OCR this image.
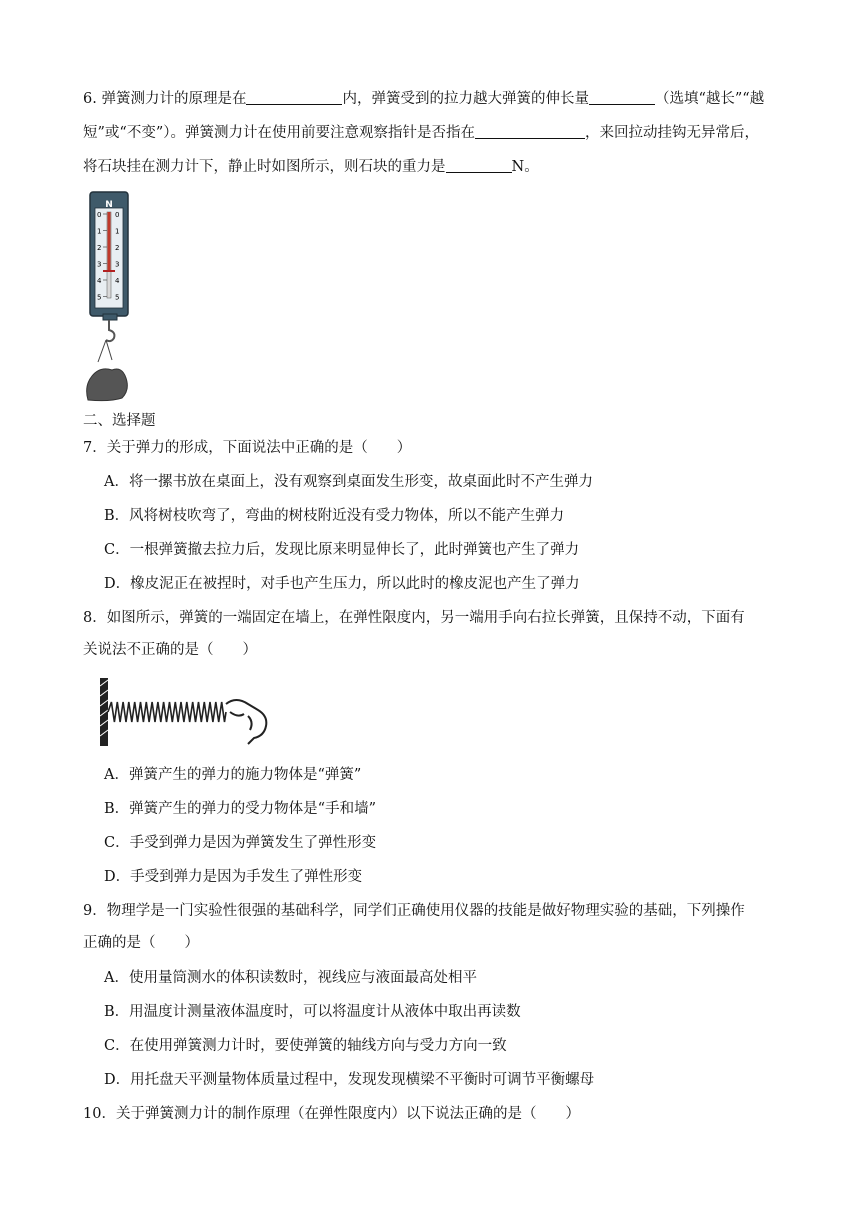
6. 弹簧测力计的原理是在	内，弹簧受到的拉力越大弹簧的伸长量	（选填“越长”“越
短”或“不变”）。弹簧测力计在使用前要注意观察指针是否指在	，来回拉动挂钩无异常后，
将石块挂在测力计下，静止时如图所示，则石块的重力是	N。
N
0 0
1 1
2 2
3 3
4 4
5 5
二、选择题
7．关于弹力的形成，下面说法中正确的是（　　）
A．将一摞书放在桌面上，没有观察到桌面发生形变，故桌面此时不产生弹力
B．风将树枝吹弯了，弯曲的树枝附近没有受力物体，所以不能产生弹力
C．一根弹簧撤去拉力后，发现比原来明显伸长了，此时弹簧也产生了弹力
D．橡皮泥正在被捏时，对手也产生压力，所以此时的橡皮泥也产生了弹力
8．如图所示，弹簧的一端固定在墙上，在弹性限度内，另一端用手向右拉长弹簧，且保持不动，下面有
关说法不正确的是（　　）
A．弹簧产生的弹力的施力物体是“弹簧”
B．弹簧产生的弹力的受力物体是“手和墙”
C．手受到弹力是因为弹簧发生了弹性形变
D．手受到弹力是因为手发生了弹性形变
9．物理学是一门实验性很强的基础科学，同学们正确使用仪器的技能是做好物理实验的基础，下列操作
正确的是（　　）
A．使用量筒测水的体积读数时，视线应与液面最高处相平
B．用温度计测量液体温度时，可以将温度计从液体中取出再读数
C．在使用弹簧测力计时，要使弹簧的轴线方向与受力方向一致
D．用托盘天平测量物体质量过程中，发现发现横梁不平衡时可调节平衡螺母
10．关于弹簧测力计的制作原理（在弹性限度内）以下说法正确的是（　　）
